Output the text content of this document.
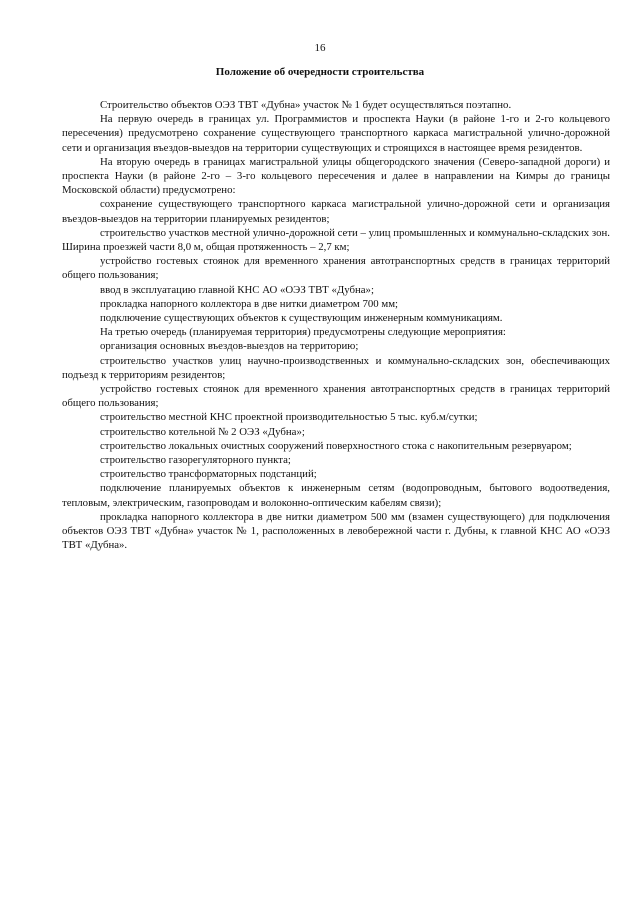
16
Положение об очередности строительства

Строительство объектов ОЭЗ ТВТ «Дубна» участок № 1 будет осуществляться поэтапно.

На первую очередь в границах ул. Программистов и проспекта Науки (в районе 1-го и 2-го кольцевого пересечения) предусмотрено сохранение существующего транспортного каркаса магистральной улично-дорожной сети и организация въездов-выездов на территории существующих и строящихся в настоящее время резидентов.

На вторую очередь в границах магистральной улицы общегородского значения (Северо-западной дороги) и проспекта Науки (в районе 2-го – 3-го кольцевого пересечения и далее в направлении на Кимры до границы Московской области) предусмотрено:

сохранение существующего транспортного каркаса магистральной улично-дорожной сети и организация въездов-выездов на территории планируемых резидентов;

строительство участков местной улично-дорожной сети – улиц промышленных и коммунально-складских зон. Ширина проезжей части 8,0 м, общая протяженность – 2,7 км;

устройство гостевых стоянок для временного хранения автотранспортных средств в границах территорий общего пользования;

ввод в эксплуатацию главной КНС АО «ОЭЗ ТВТ «Дубна»;

прокладка напорного коллектора в две нитки диаметром 700 мм;

подключение существующих объектов к существующим инженерным коммуникациям.

На третью очередь (планируемая территория) предусмотрены следующие мероприятия:

организация основных въездов-выездов на территорию;

строительство участков улиц научно-производственных и коммунально-складских зон, обеспечивающих подъезд к территориям резидентов;

устройство гостевых стоянок для временного хранения автотранспортных средств в границах территорий общего пользования;

строительство местной КНС проектной производительностью 5 тыс. куб.м/сутки;

строительство котельной № 2 ОЭЗ «Дубна»;

строительство локальных очистных сооружений поверхностного стока с накопительным резервуаром;

строительство газорегуляторного пункта;

строительство трансформаторных подстанций;

подключение планируемых объектов к инженерным сетям (водопроводным, бытового водоотведения, тепловым, электрическим, газопроводам и волоконно-оптическим кабелям связи);

прокладка напорного коллектора в две нитки диаметром 500 мм (взамен существующего) для подключения объектов ОЭЗ ТВТ «Дубна» участок № 1, расположенных в левобережной части г. Дубны, к главной КНС АО «ОЭЗ ТВТ «Дубна».
